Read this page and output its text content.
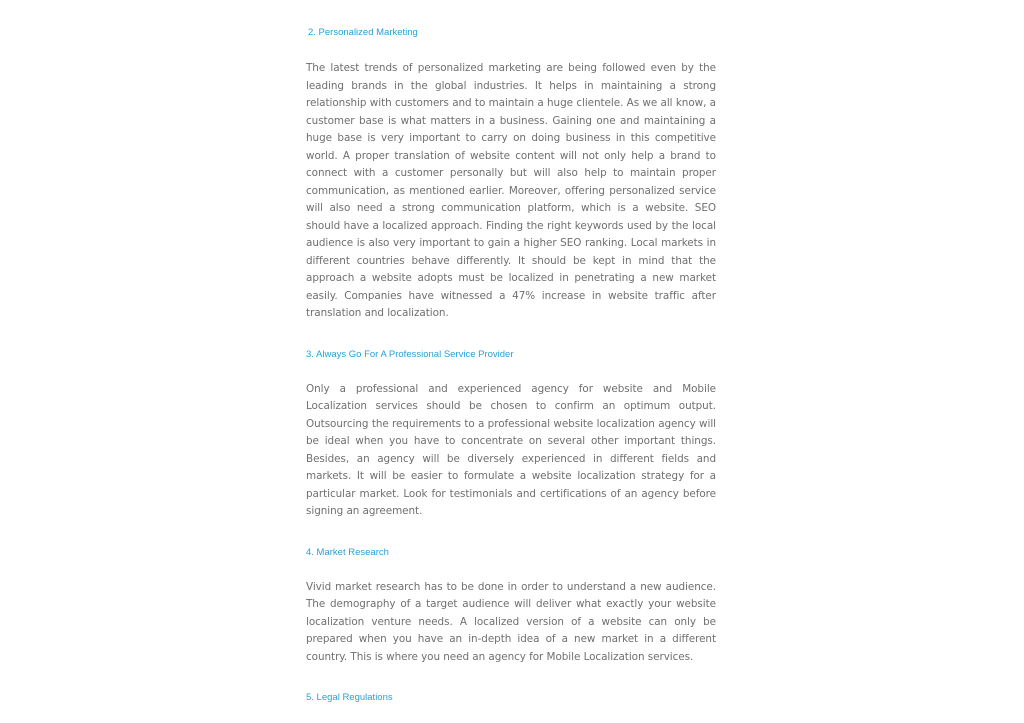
2. Personalized Marketing

The latest trends of personalized marketing are being followed even by the leading brands in the global industries. It helps in maintaining a strong relationship with customers and to maintain a huge clientele. As we all know, a customer base is what matters in a business. Gaining one and maintaining a huge base is very important to carry on doing business in this competitive world. A proper translation of website content will not only help a brand to connect with a customer personally but will also help to maintain proper communication, as mentioned earlier. Moreover, offering personalized service will also need a strong communication platform, which is a website. SEO should have a localized approach. Finding the right keywords used by the local audience is also very important to gain a higher SEO ranking. Local markets in different countries behave differently. It should be kept in mind that the approach a website adopts must be localized in penetrating a new market easily. Companies have witnessed a 47% increase in website traffic after translation and localization.

3. Always Go For A Professional Service Provider

Only a professional and experienced agency for website and Mobile Localization services should be chosen to confirm an optimum output. Outsourcing the requirements to a professional website localization agency will be ideal when you have to concentrate on several other important things. Besides, an agency will be diversely experienced in different fields and markets. It will be easier to formulate a website localization strategy for a particular market. Look for testimonials and certifications of an agency before signing an agreement.

4. Market Research

Vivid market research has to be done in order to understand a new audience. The demography of a target audience will deliver what exactly your website localization venture needs. A localized version of a website can only be prepared when you have an in-depth idea of a new market in a different country. This is where you need an agency for Mobile Localization services.

5. Legal Regulations
